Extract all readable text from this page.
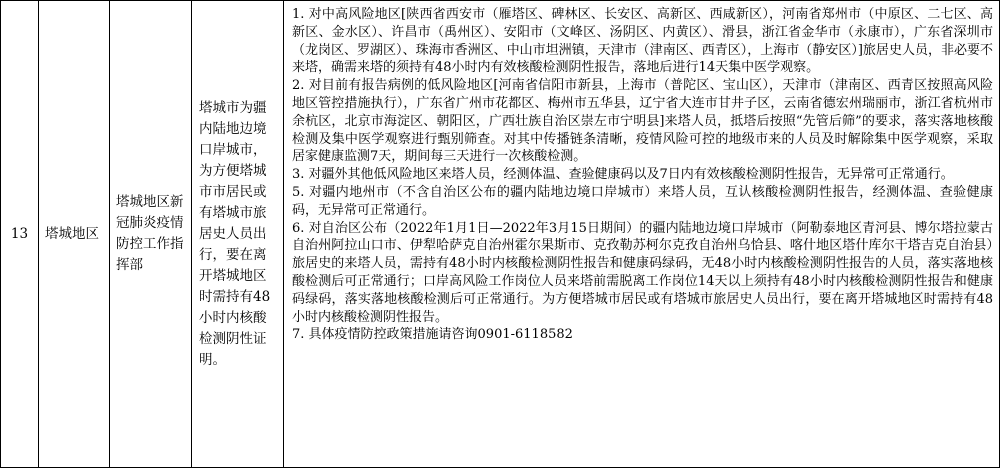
13 塔城地区
塔城地区新冠肺炎疫情防控工作指挥部
塔城市为疆内陆地边境口岸城市，为方便塔城市市居民或有塔城市旅居史人员出行，要在离开塔城地区时需持有48小时内核酸检测阴性证明。

1. 对中高风险地区[陕西省西安市（雁塔区、碑林区、长安区、高新区、西咸新区），河南省郑州市（中原区、二七区、高新区、金水区）、许昌市（禹州区）、安阳市（文峰区、汤阴区、内黄区）、滑县，浙江省金华市（永康市），广东省深圳市（龙岗区、罗湖区）、珠海市香洲区、中山市坦洲镇，天津市（津南区、西青区），上海市（静安区）]旅居史人员，非必要不来塔，确需来塔的须持有48小时内有效核酸检测阴性报告，落地后进行14天集中医学观察。

2. 对目前有报告病例的低风险地区[河南省信阳市新县，上海市（普陀区、宝山区），天津市（津南区、西青区按照高风险地区管控措施执行），广东省广州市花都区、梅州市五华县，辽宁省大连市甘井子区，云南省德宏州瑞丽市，浙江省杭州市余杭区，北京市海淀区、朝阳区，广西壮族自治区崇左市宁明县]来塔人员，抵塔后按照“先管后筛”的要求，落实落地核酸检测及集中医学观察进行甄别筛查。对其中传播链条清晰，疫情风险可控的地级市来的人员及时解除集中医学观察，采取居家健康监测7天，期间每三天进行一次核酸检测。

3. 对疆外其他低风险地区来塔人员，经测体温、查验健康码以及7日内有效核酸检测阴性报告，无异常可正常通行。

5. 对疆内地州市（不含自治区公布的疆内陆地边境口岸城市）来塔人员，互认核酸检测阴性报告，经测体温、查验健康码，无异常可正常通行。

6. 对自治区公布（2022年1月1日—2022年3月15日期间）的疆内陆地边境口岸城市（阿勒泰地区青河县、博尔塔拉蒙古自治州阿拉山口市、伊犁哈萨克自治州霍尔果斯市、克孜勒苏柯尔克孜自治州乌恰县、喀什地区塔什库尔干塔吉克自治县）旅居史的来塔人员，需持有48小时内核酸检测阴性报告和健康码绿码，无48小时内核酸检测阴性报告的人员，落实落地核酸检测后可正常通行；口岸高风险工作岗位人员来塔前需脱离工作岗位14天以上须持有48小时内核酸检测阴性报告和健康码绿码，落实落地核酸检测后可正常通行。为方便塔城市居民或有塔城市旅居史人员出行，要在离开塔城地区时需持有48小时内核酸检测阴性报告。

7. 具体疫情防控政策措施请咨询0901-6118582
